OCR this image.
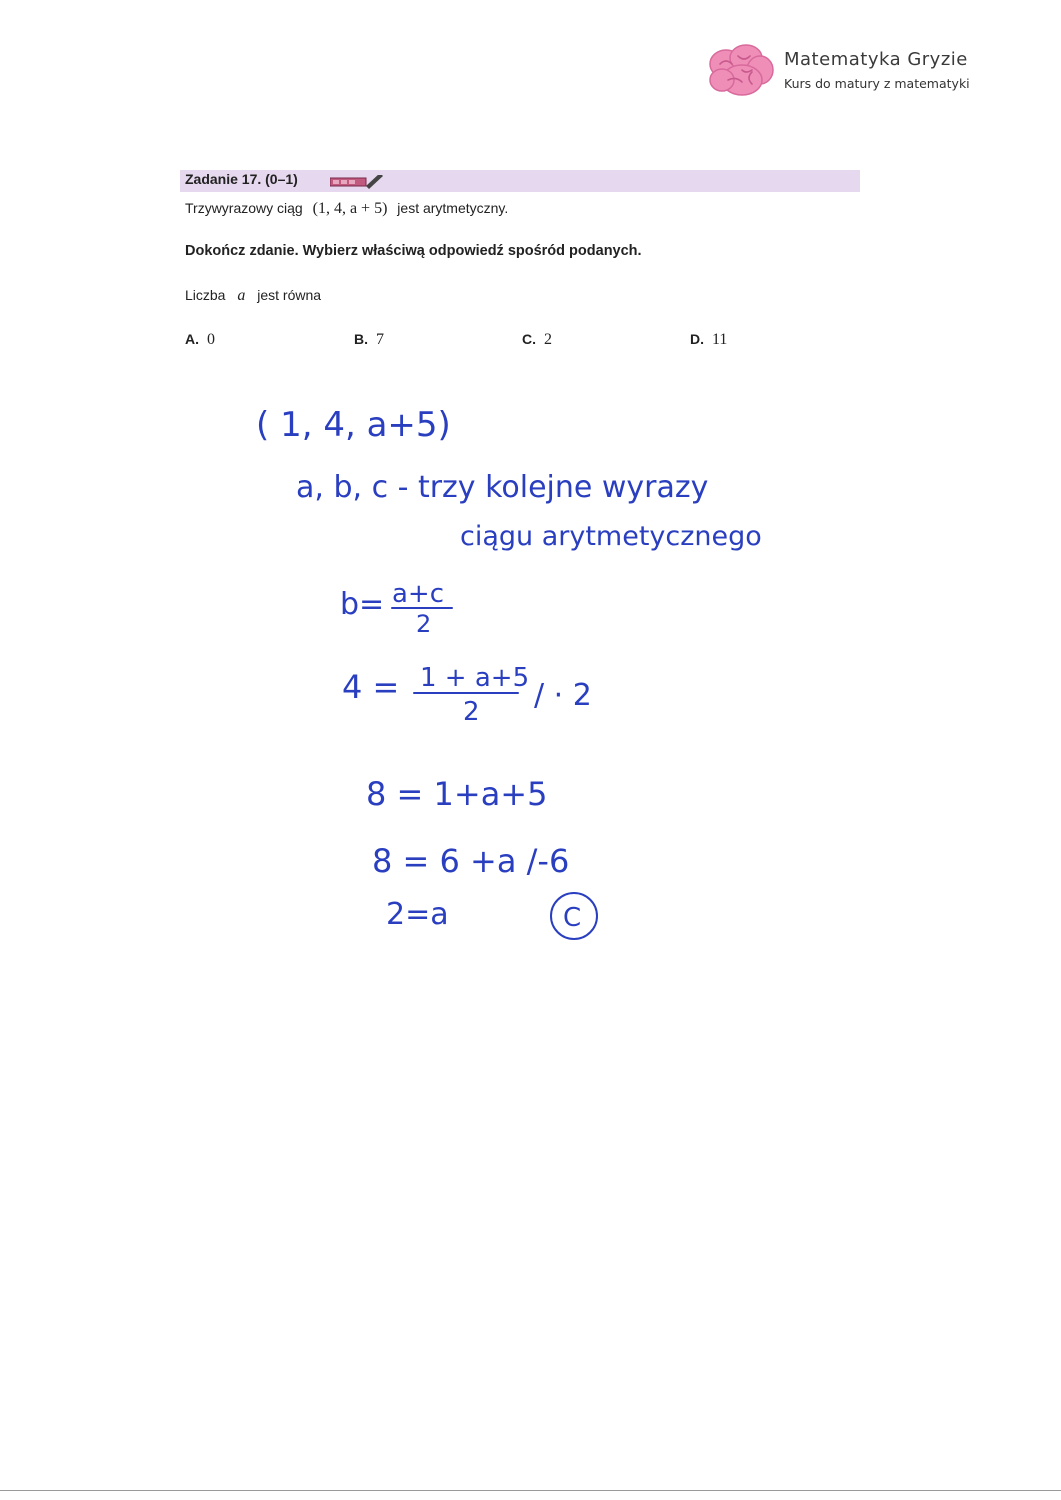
Matematyka Gryzie
Kurs do matury z matematyki
Zadanie 17. (0–1)
Trzywyrazowy ciąg (1, 4, a + 5) jest arytmetyczny.
Dokończ zdanie. Wybierz właściwą odpowiedź spośród podanych.
Liczba a jest równa
A. 0	B. 7	C. 2	D. 11
( 1, 4, a+5)
a, b, c - trzy kolejne wyrazy
ciągu arytmetycznego
b= a+c
2
4 = 1 + a+5
2 / · 2
8 = 1+a+5
8 = 6 +a /-6
2=a	C
